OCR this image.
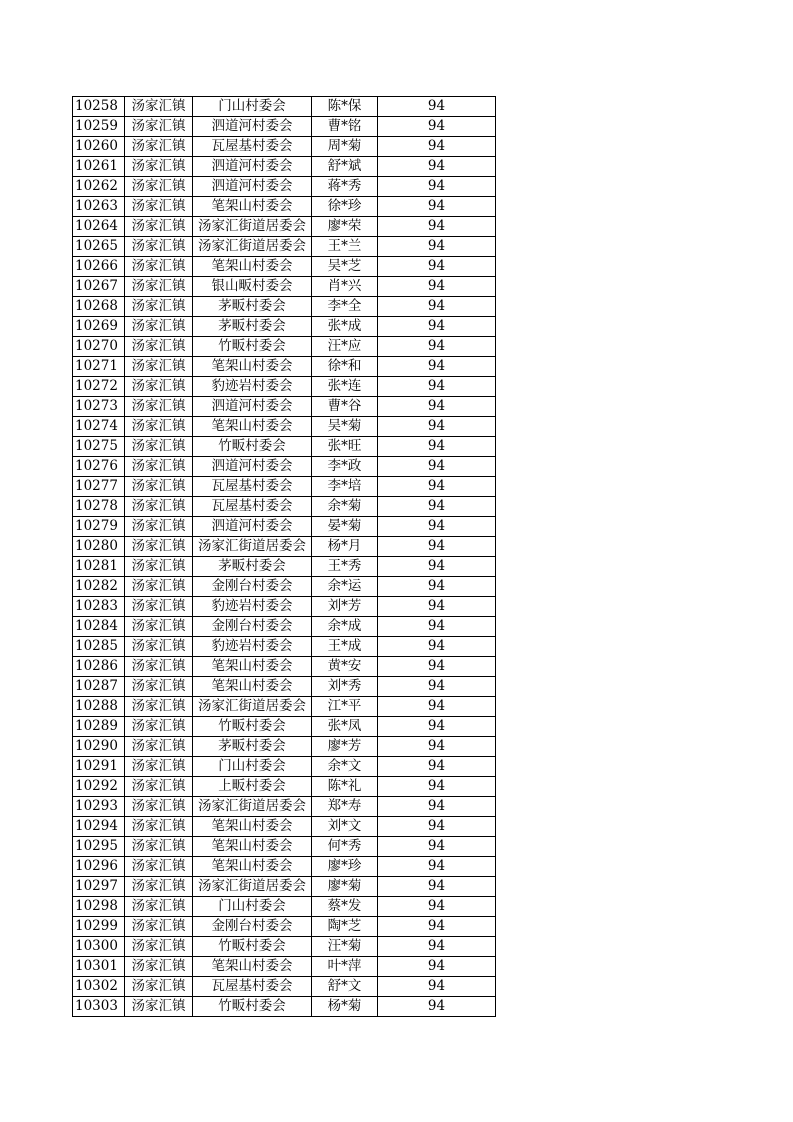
10258	汤家汇镇	门山村委会	陈*保	94
10259	汤家汇镇	泗道河村委会	曹*铭	94
10260	汤家汇镇	瓦屋基村委会	周*菊	94
10261	汤家汇镇	泗道河村委会	舒*斌	94
10262	汤家汇镇	泗道河村委会	蒋*秀	94
10263	汤家汇镇	笔架山村委会	徐*珍	94
10264	汤家汇镇	汤家汇街道居委会	廖*荣	94
10265	汤家汇镇	汤家汇街道居委会	王*兰	94
10266	汤家汇镇	笔架山村委会	吴*芝	94
10267	汤家汇镇	银山畈村委会	肖*兴	94
10268	汤家汇镇	茅畈村委会	李*全	94
10269	汤家汇镇	茅畈村委会	张*成	94
10270	汤家汇镇	竹畈村委会	汪*应	94
10271	汤家汇镇	笔架山村委会	徐*和	94
10272	汤家汇镇	豹迹岩村委会	张*连	94
10273	汤家汇镇	泗道河村委会	曹*谷	94
10274	汤家汇镇	笔架山村委会	吴*菊	94
10275	汤家汇镇	竹畈村委会	张*旺	94
10276	汤家汇镇	泗道河村委会	李*政	94
10277	汤家汇镇	瓦屋基村委会	李*培	94
10278	汤家汇镇	瓦屋基村委会	余*菊	94
10279	汤家汇镇	泗道河村委会	晏*菊	94
10280	汤家汇镇	汤家汇街道居委会	杨*月	94
10281	汤家汇镇	茅畈村委会	王*秀	94
10282	汤家汇镇	金刚台村委会	余*运	94
10283	汤家汇镇	豹迹岩村委会	刘*芳	94
10284	汤家汇镇	金刚台村委会	余*成	94
10285	汤家汇镇	豹迹岩村委会	王*成	94
10286	汤家汇镇	笔架山村委会	黄*安	94
10287	汤家汇镇	笔架山村委会	刘*秀	94
10288	汤家汇镇	汤家汇街道居委会	江*平	94
10289	汤家汇镇	竹畈村委会	张*凤	94
10290	汤家汇镇	茅畈村委会	廖*芳	94
10291	汤家汇镇	门山村委会	余*文	94
10292	汤家汇镇	上畈村委会	陈*礼	94
10293	汤家汇镇	汤家汇街道居委会	郑*寿	94
10294	汤家汇镇	笔架山村委会	刘*文	94
10295	汤家汇镇	笔架山村委会	何*秀	94
10296	汤家汇镇	笔架山村委会	廖*珍	94
10297	汤家汇镇	汤家汇街道居委会	廖*菊	94
10298	汤家汇镇	门山村委会	蔡*发	94
10299	汤家汇镇	金刚台村委会	陶*芝	94
10300	汤家汇镇	竹畈村委会	汪*菊	94
10301	汤家汇镇	笔架山村委会	叶*萍	94
10302	汤家汇镇	瓦屋基村委会	舒*文	94
10303	汤家汇镇	竹畈村委会	杨*菊	94
